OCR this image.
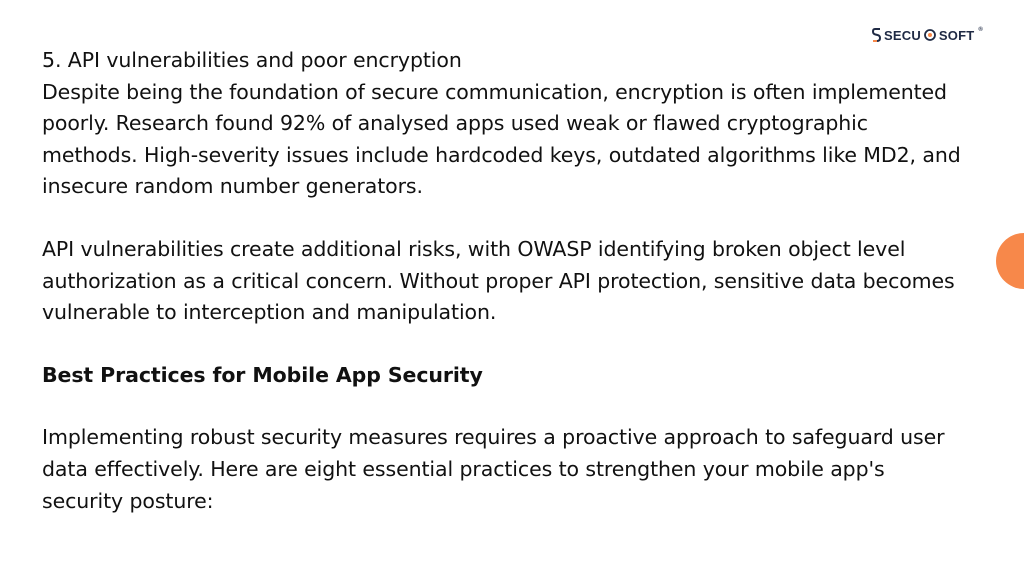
SECU SOFT ®

5. API vulnerabilities and poor encryption

Despite being the foundation of secure communication, encryption is often implemented poorly. Research found 92% of analysed apps used weak or flawed cryptographic methods. High-severity issues include hardcoded keys, outdated algorithms like MD2, and insecure random number generators.

API vulnerabilities create additional risks, with OWASP identifying broken object level authorization as a critical concern. Without proper API protection, sensitive data becomes vulnerable to interception and manipulation.

Best Practices for Mobile App Security

Implementing robust security measures requires a proactive approach to safeguard user data effectively. Here are eight essential practices to strengthen your mobile app's security posture:
